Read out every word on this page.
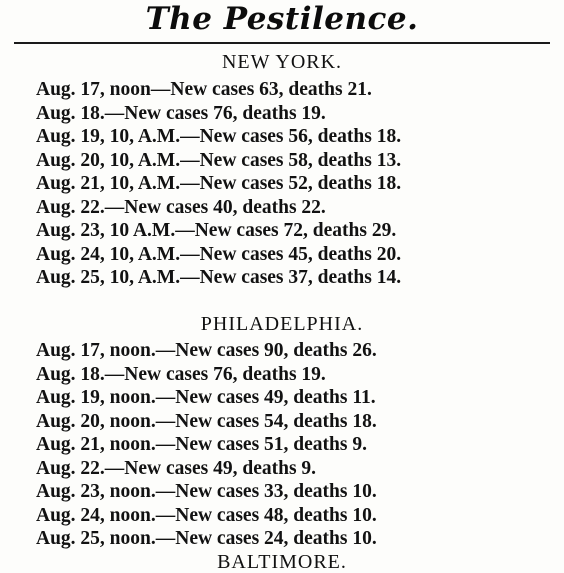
The Pestilence.
NEW YORK.
Aug. 17, noon—New cases 63, deaths 21.
Aug. 18.—New cases 76, deaths 19.
Aug. 19, 10, A.M.—New cases 56, deaths 18.
Aug. 20, 10, A.M.—New cases 58, deaths 13.
Aug. 21, 10, A.M.—New cases 52, deaths 18.
Aug. 22.—New cases 40, deaths 22.
Aug. 23, 10 A.M.—New cases 72, deaths 29.
Aug. 24, 10, A.M.—New cases 45, deaths 20.
Aug. 25, 10, A.M.—New cases 37, deaths 14.
PHILADELPHIA.
Aug. 17, noon.—New cases 90, deaths 26.
Aug. 18.—New cases 76, deaths 19.
Aug. 19, noon.—New cases 49, deaths 11.
Aug. 20, noon.—New cases 54, deaths 18.
Aug. 21, noon.—New cases 51, deaths 9.
Aug. 22.—New cases 49, deaths 9.
Aug. 23, noon.—New cases 33, deaths 10.
Aug. 24, noon.—New cases 48, deaths 10.
Aug. 25, noon.—New cases 24, deaths 10.
BALTIMORE.
